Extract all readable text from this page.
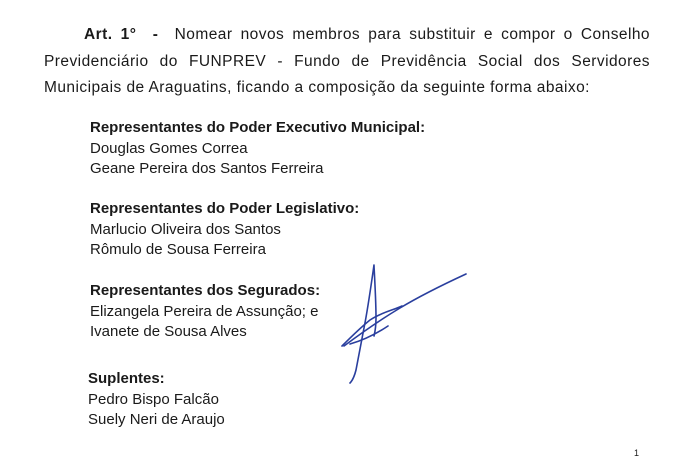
Art. 1° - Nomear novos membros para substituir e compor o Conselho Previdenciário do FUNPREV - Fundo de Previdência Social dos Servidores Municipais de Araguatins, ficando a composição da seguinte forma abaixo:

Representantes do Poder Executivo Municipal:
Douglas Gomes Correa
Geane Pereira dos Santos Ferreira
Representantes do Poder Legislativo:
Marlucio Oliveira dos Santos
Rômulo de Sousa Ferreira
Representantes dos Segurados:
Elizangela Pereira de Assunção; e
Ivanete de Sousa Alves
Suplentes:
Pedro Bispo Falcão
Suely Neri de Araujo
1
